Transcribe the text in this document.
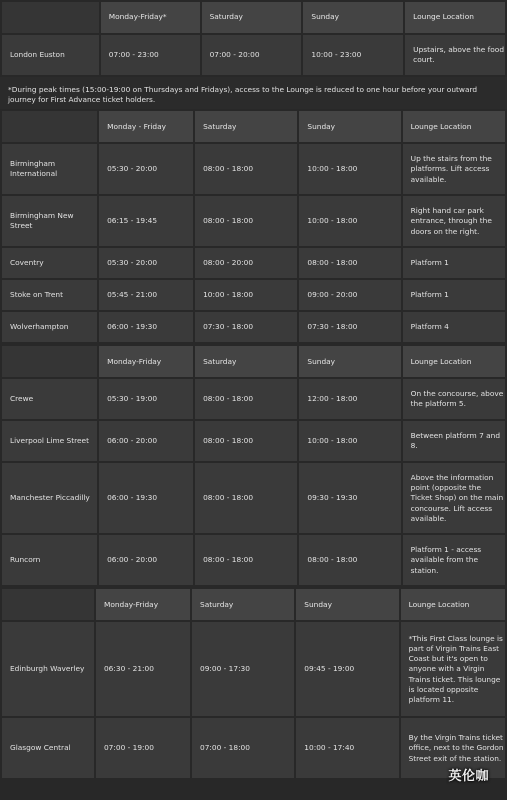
	Monday-Friday*	Saturday	Sunday	Lounge Location
London Euston	07:00 - 23:00	07:00 - 20:00	10:00 - 23:00	Upstairs, above the food court.
*During peak times (15:00-19:00 on Thursdays and Fridays), access to the Lounge is reduced to one hour before your outward journey for First Advance ticket holders.
	Monday - Friday	Saturday	Sunday	Lounge Location
Birmingham International	05:30 - 20:00	08:00 - 18:00	10:00 - 18:00	Up the stairs from the platforms. Lift access available.
Birmingham New Street	06:15 - 19:45	08:00 - 18:00	10:00 - 18:00	Right hand car park entrance, through the doors on the right.
Coventry	05:30 - 20:00	08:00 - 20:00	08:00 - 18:00	Platform 1
Stoke on Trent	05:45 - 21:00	10:00 - 18:00	09:00 - 20:00	Platform 1
Wolverhampton	06:00 - 19:30	07:30 - 18:00	07:30 - 18:00	Platform 4
	Monday-Friday	Saturday	Sunday	Lounge Location
Crewe	05:30 - 19:00	08:00 - 18:00	12:00 - 18:00	On the concourse, above the platform 5.
Liverpool Lime Street	06:00 - 20:00	08:00 - 18:00	10:00 - 18:00	Between platform 7 and 8.
Manchester Piccadilly	06:00 - 19:30	08:00 - 18:00	09:30 - 19:30	Above the information point (opposite the Ticket Shop) on the main concourse. Lift access available.
Runcorn	06:00 - 20:00	08:00 - 18:00	08:00 - 18:00	Platform 1 - access available from the station.
	Monday-Friday	Saturday	Sunday	Lounge Location
Edinburgh Waverley	06:30 - 21:00	09:00 - 17:30	09:45 - 19:00	*This First Class lounge is part of Virgin Trains East Coast but it's open to anyone with a Virgin Trains ticket. This lounge is located opposite platform 11.
Glasgow Central	07:00 - 19:00	07:00 - 18:00	10:00 - 17:40	By the Virgin Trains ticket office, next to the Gordon Street exit of the station.
英伦咖
